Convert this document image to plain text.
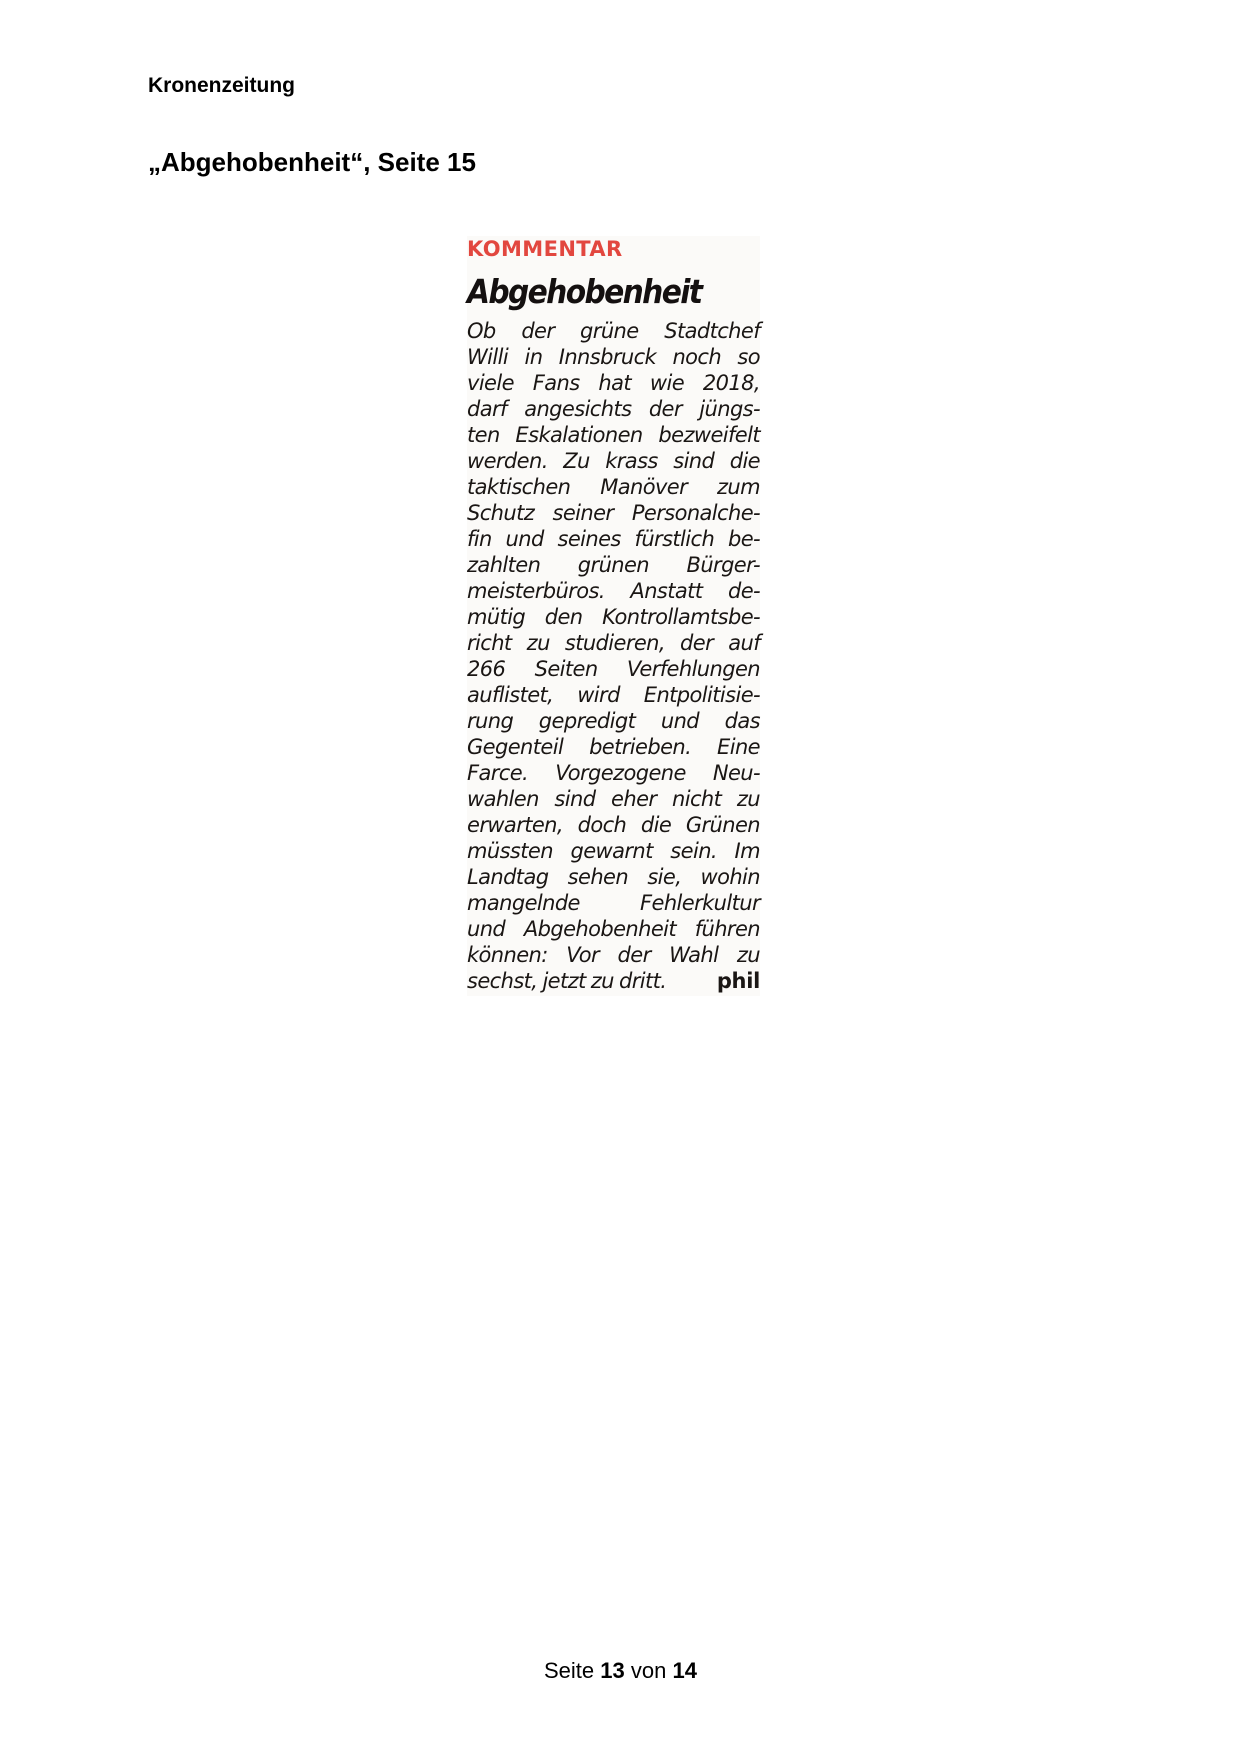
Kronenzeitung
„Abgehobenheit“, Seite 15
KOMMENTAR
Abgehobenheit
Ob der grüne Stadtchef
Willi in Innsbruck noch so
viele Fans hat wie 2018,
darf angesichts der jüngs-
ten Eskalationen bezweifelt
werden. Zu krass sind die
taktischen Manöver zum
Schutz seiner Personalche-
fin und seines fürstlich be-
zahlten grünen Bürger-
meisterbüros. Anstatt de-
mütig den Kontrollamtsbe-
richt zu studieren, der auf
266 Seiten Verfehlungen
auflistet, wird Entpolitisie-
rung gepredigt und das
Gegenteil betrieben. Eine
Farce. Vorgezogene Neu-
wahlen sind eher nicht zu
erwarten, doch die Grünen
müssten gewarnt sein. Im
Landtag sehen sie, wohin
mangelnde Fehlerkultur
und Abgehobenheit führen
können: Vor der Wahl zu
sechst, jetzt zu dritt.	phil
Seite 13 von 14
